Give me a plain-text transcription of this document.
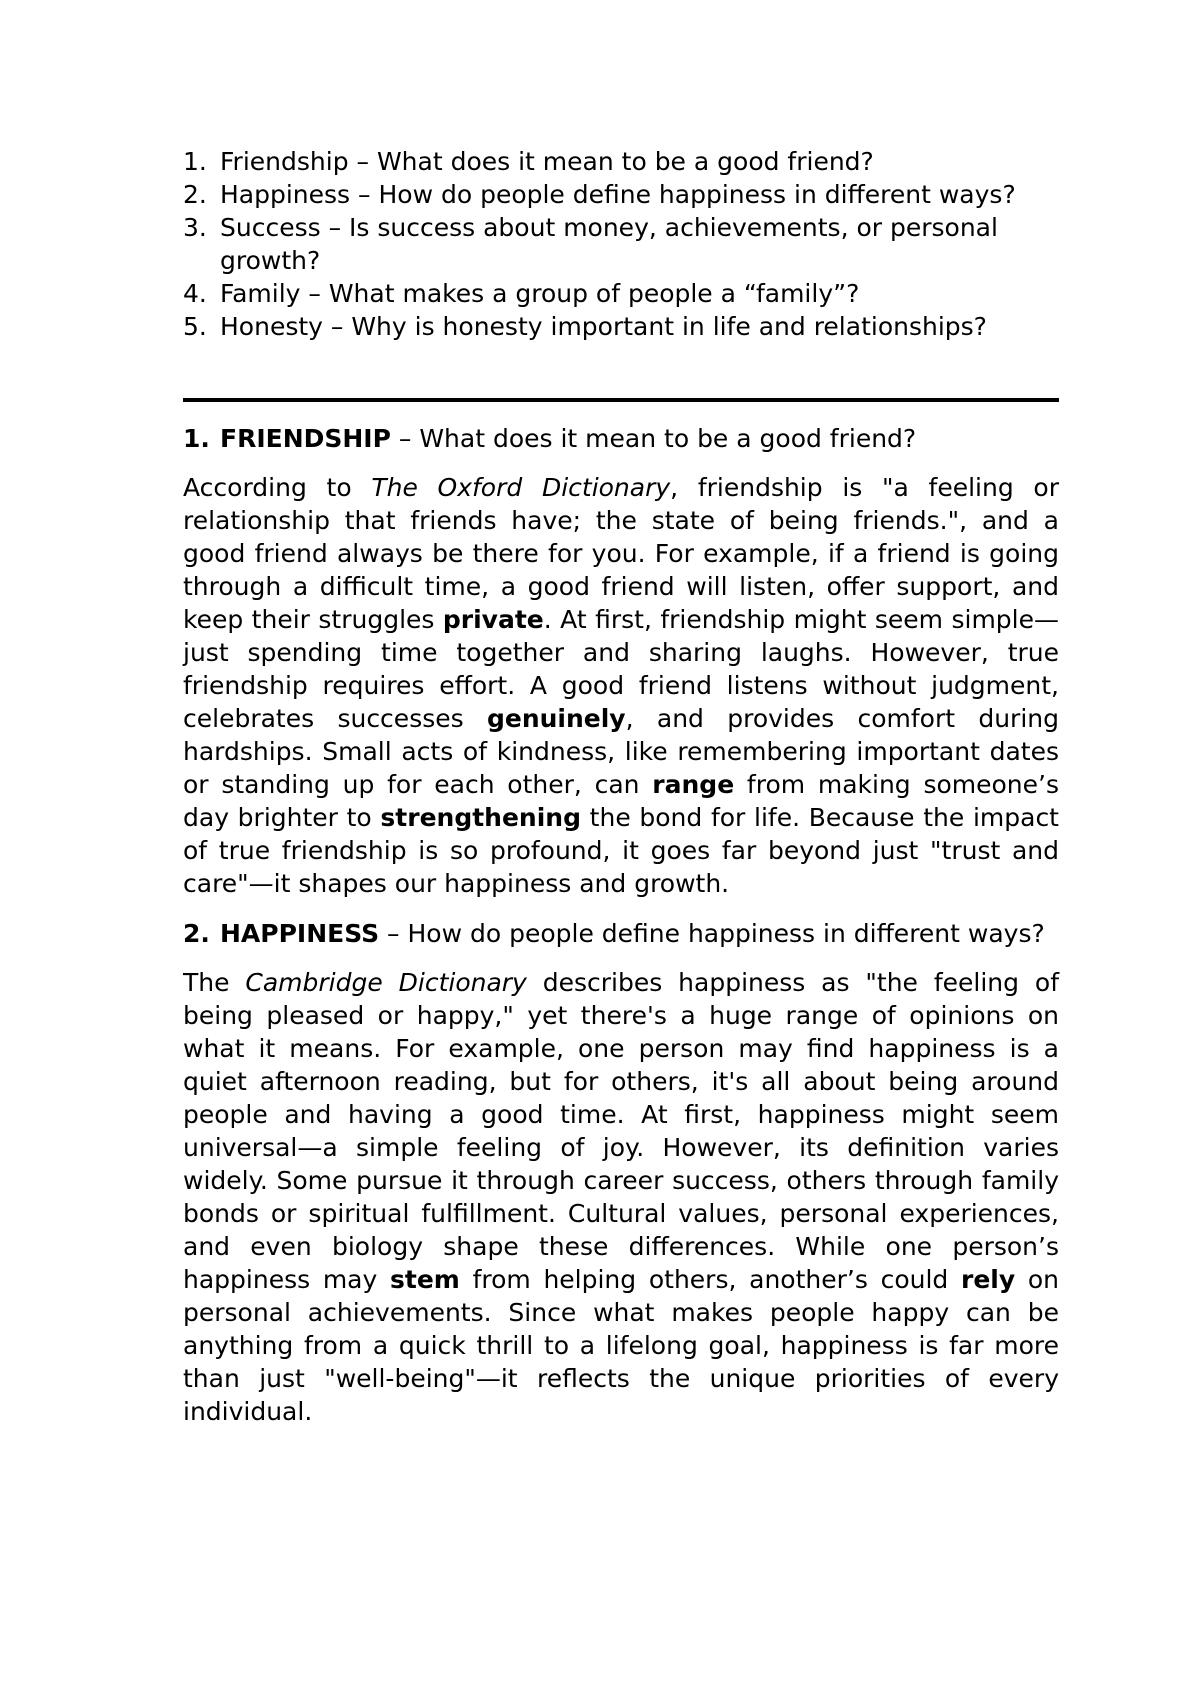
1. Friendship – What does it mean to be a good friend?
2. Happiness – How do people define happiness in different ways?
3. Success – Is success about money, achievements, or personal growth?
4. Family – What makes a group of people a “family”?
5. Honesty – Why is honesty important in life and relationships?
1. FRIENDSHIP – What does it mean to be a good friend?

According to The Oxford Dictionary, friendship is "a feeling or relationship that friends have; the state of being friends.", and a good friend always be there for you. For example, if a friend is going through a difficult time, a good friend will listen, offer support, and keep their struggles private. At first, friendship might seem simple—just spending time together and sharing laughs. However, true friendship requires effort. A good friend listens without judgment, celebrates successes genuinely, and provides comfort during hardships. Small acts of kindness, like remembering important dates or standing up for each other, can range from making someone’s day brighter to strengthening the bond for life. Because the impact of true friendship is so profound, it goes far beyond just "trust and care"—it shapes our happiness and growth.

2. HAPPINESS – How do people define happiness in different ways?

The Cambridge Dictionary describes happiness as "the feeling of being pleased or happy," yet there's a huge range of opinions on what it means. For example, one person may find happiness is a quiet afternoon reading, but for others, it's all about being around people and having a good time. At first, happiness might seem universal—a simple feeling of joy. However, its definition varies widely. Some pursue it through career success, others through family bonds or spiritual fulfillment. Cultural values, personal experiences, and even biology shape these differences. While one person’s happiness may stem from helping others, another’s could rely on personal achievements. Since what makes people happy can be anything from a quick thrill to a lifelong goal, happiness is far more than just "well-being"—it reflects the unique priorities of every individual.
